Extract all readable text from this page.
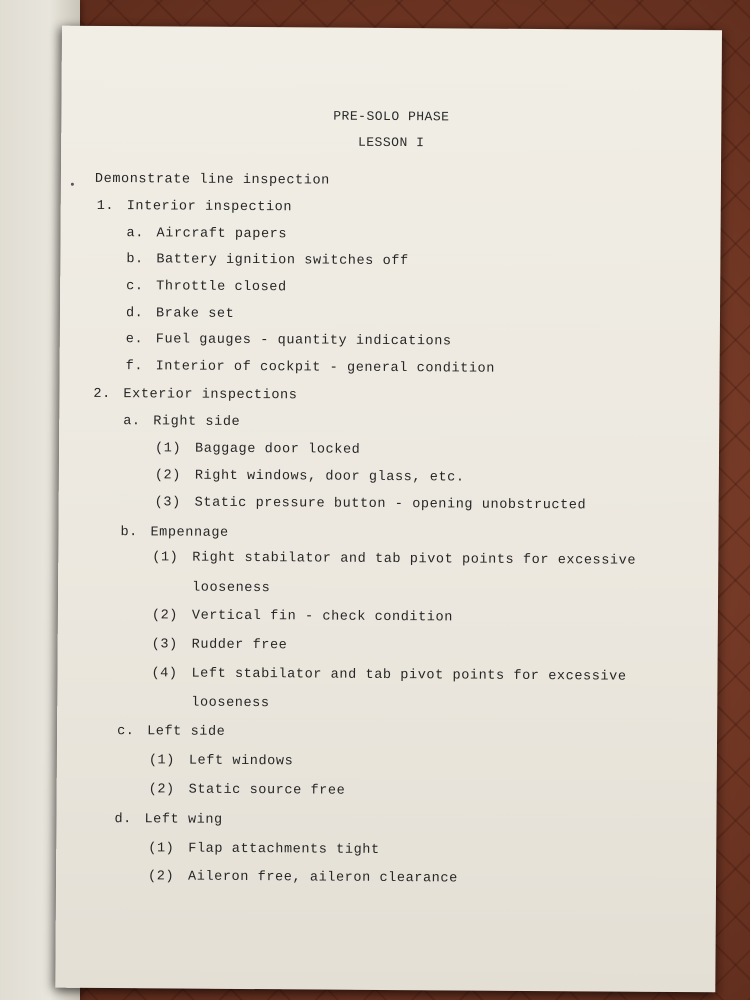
PRE-SOLO PHASE
LESSON I
Demonstrate line inspection
1. Interior inspection
a. Aircraft papers
b. Battery ignition switches off
c. Throttle closed
d. Brake set
e. Fuel gauges - quantity indications
f. Interior of cockpit - general condition
2. Exterior inspections
a. Right side
(1) Baggage door locked
(2) Right windows, door glass, etc.
(3) Static pressure button - opening unobstructed
b. Empennage
(1) Right stabilator and tab pivot points for excessive
looseness
(2) Vertical fin - check condition
(3) Rudder free
(4) Left stabilator and tab pivot points for excessive
looseness
c. Left side
(1) Left windows
(2) Static source free
d. Left wing
(1) Flap attachments tight
(2) Aileron free, aileron clearance
